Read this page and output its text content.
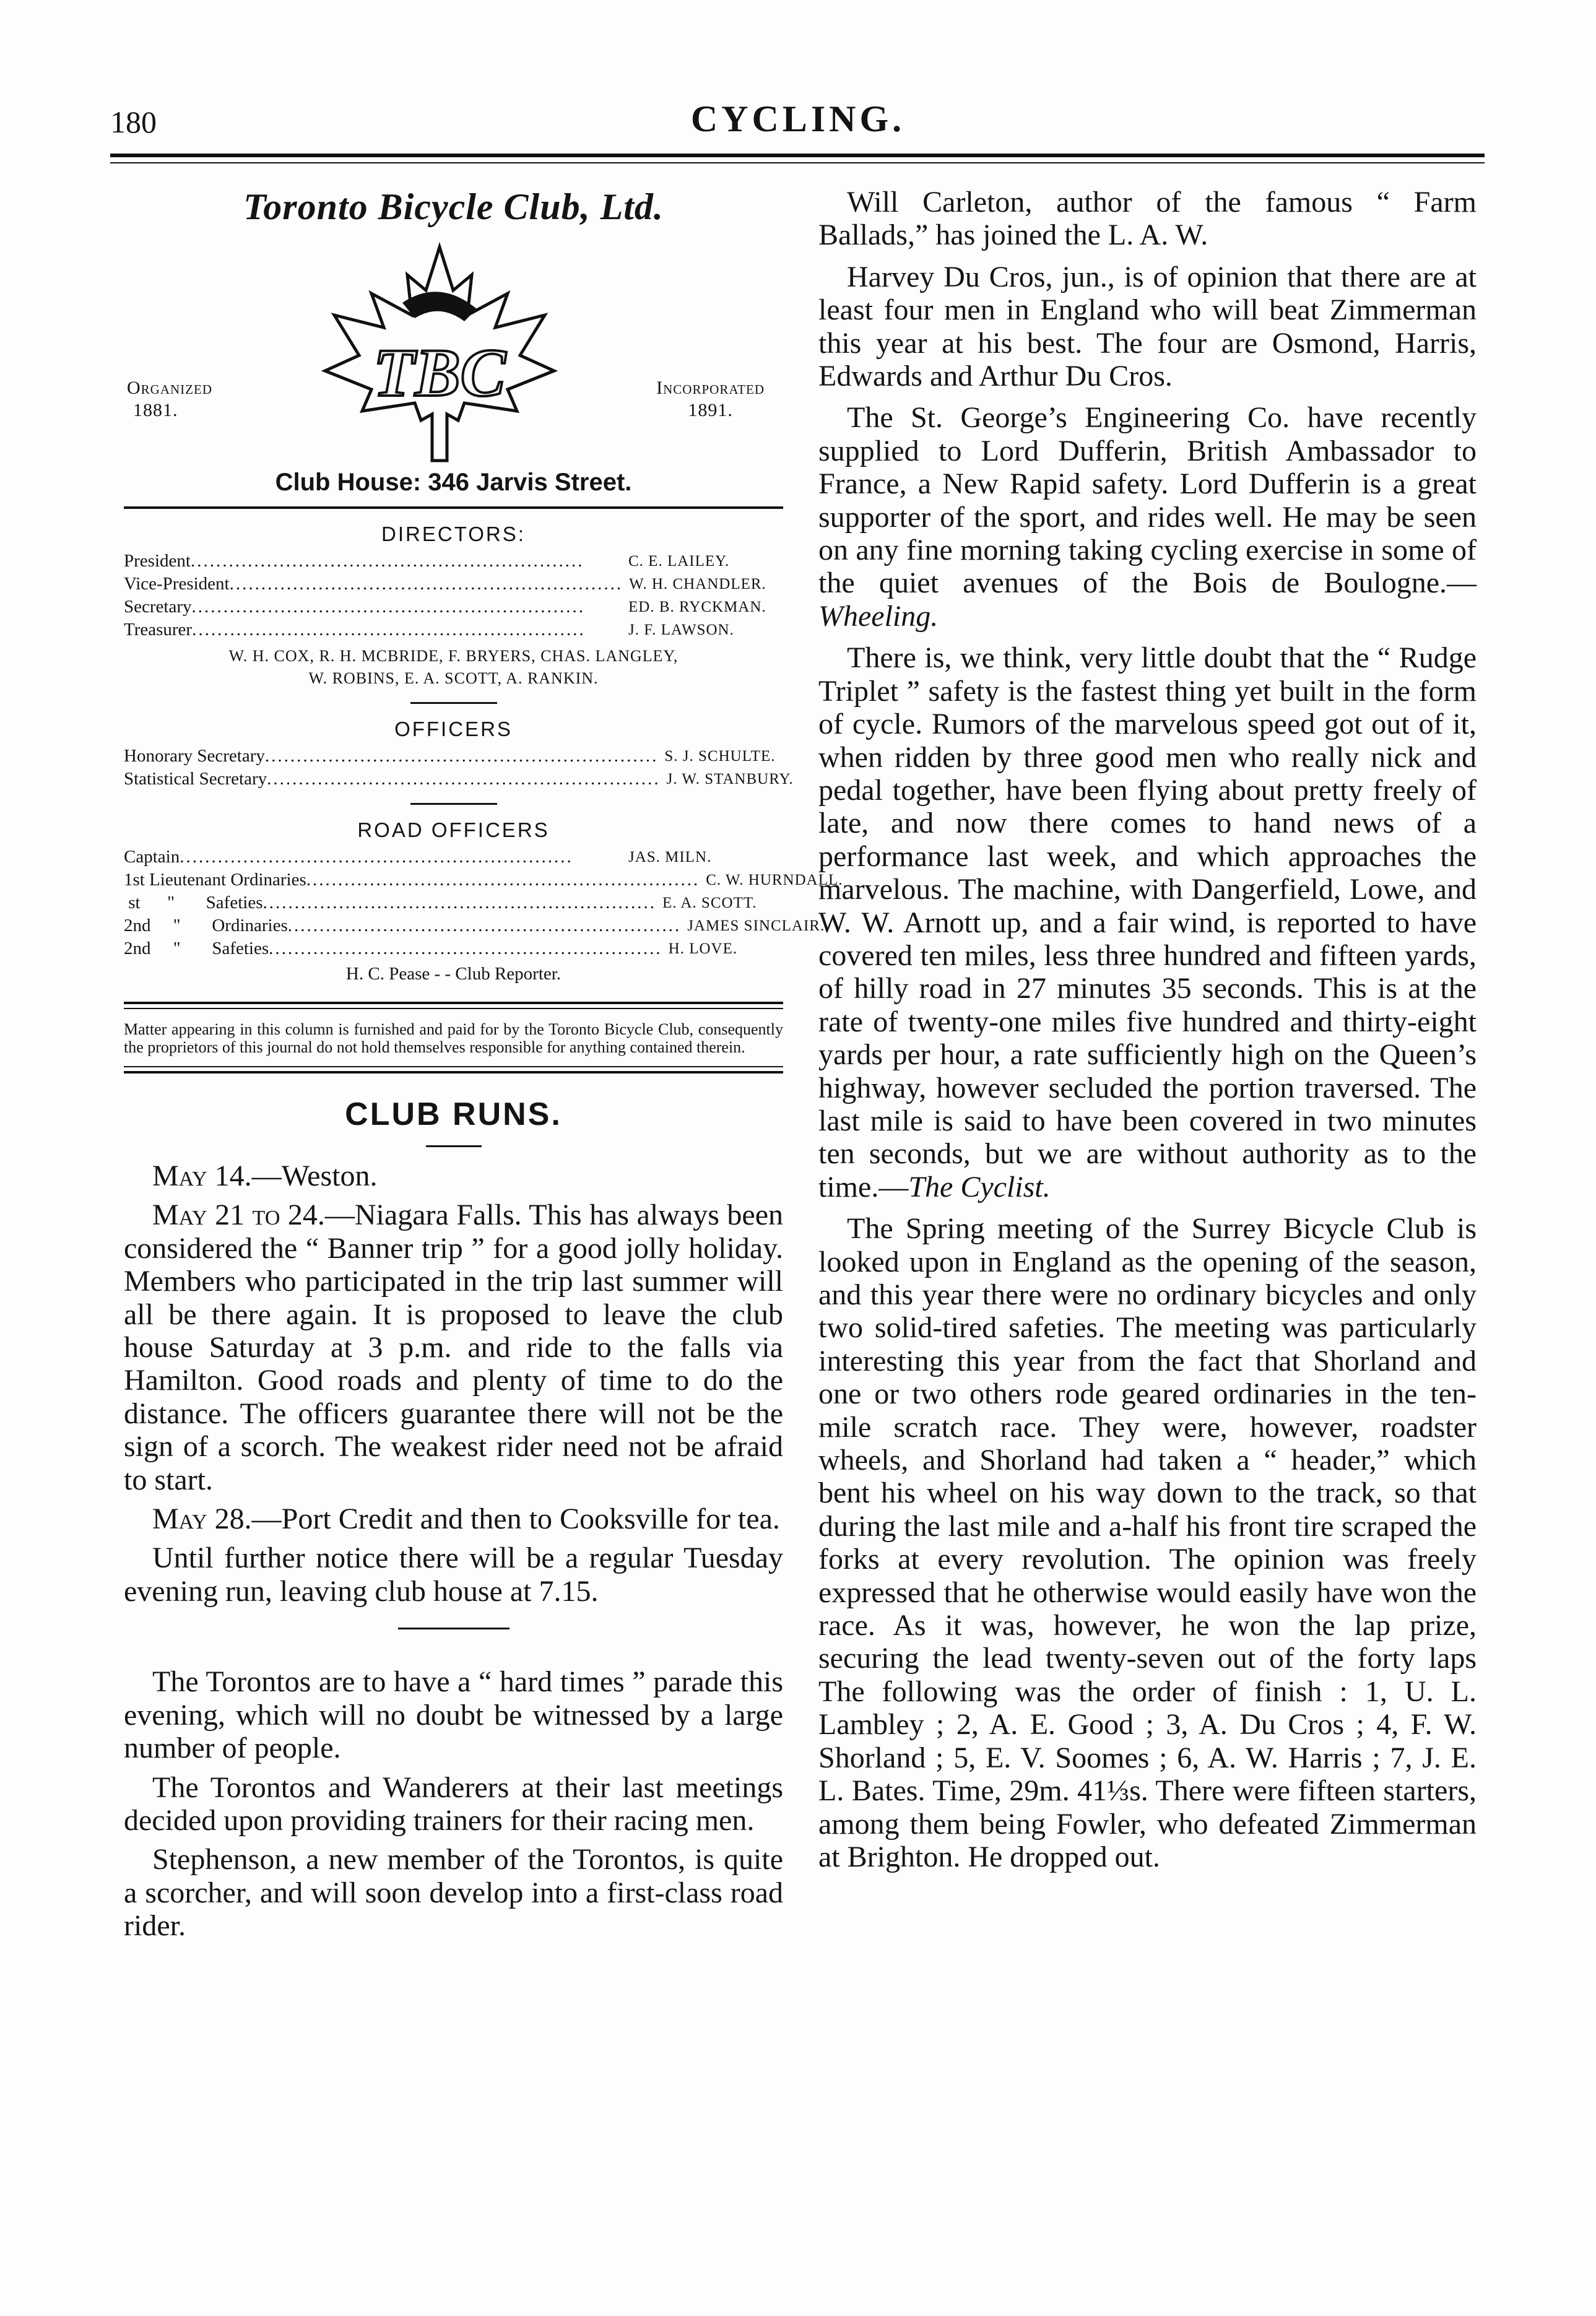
180	CYCLING.
Toronto Bicycle Club, Ltd.
Organized
1881.	TBC	Incorporated
1891.
Club House: 346 Jarvis Street.
DIRECTORS:
President ..............................................................	C. E. LAILEY.
Vice-President .............................................................. W. H. CHANDLER.
Secretary ..............................................................	ED. B. RYCKMAN.
Treasurer ..............................................................	J. F. LAWSON.
W. H. COX, R. H. MCBRIDE, F. BRYERS, CHAS. LANGLEY,
W. ROBINS, E. A. SCOTT, A. RANKIN.
OFFICERS
Honorary Secretary .............................................................. S. J. SCHULTE.
Statistical Secretary .............................................................. J. W. STANBURY.
ROAD OFFICERS
Captain ..............................................................	JAS. MILN.
1st Lieutenant Ordinaries .............................................................. C. W. HURNDALL.
st      "       Safeties .............................................................. E. A. SCOTT.
2nd     "       Ordinaries .............................................................. JAMES SINCLAIR.
2nd     "       Safeties .............................................................. H. LOVE.
H. C. Pease - - Club Reporter.
Matter appearing in this column is furnished and paid for by the Toronto Bicycle Club, consequently the proprietors of this journal do not hold themselves responsible for anything contained therein.
CLUB RUNS.

May 14.—Weston.

May 21 to 24.—Niagara Falls. This has always been considered the “ Banner trip ” for a good jolly holiday. Members who participated in the trip last summer will all be there again. It is proposed to leave the club house Saturday at 3 p.m. and ride to the falls via Hamilton. Good roads and plenty of time to do the distance. The officers guarantee there will not be the sign of a scorch. The weakest rider need not be afraid to start.

May 28.—Port Credit and then to Cooksville for tea.

Until further notice there will be a regular Tuesday evening run, leaving club house at 7.15.

The Torontos are to have a “ hard times ” parade this evening, which will no doubt be witnessed by a large number of people.

The Torontos and Wanderers at their last meetings decided upon providing trainers for their racing men.

Stephenson, a new member of the Torontos, is quite a scorcher, and will soon develop into a first-class road rider.

Will Carleton, author of the famous “ Farm Ballads,” has joined the L. A. W.

Harvey Du Cros, jun., is of opinion that there are at least four men in England who will beat Zimmerman this year at his best. The four are Osmond, Harris, Edwards and Arthur Du Cros.

The St. George’s Engineering Co. have recently supplied to Lord Dufferin, British Ambassador to France, a New Rapid safety. Lord Dufferin is a great supporter of the sport, and rides well. He may be seen on any fine morning taking cycling exercise in some of the quiet avenues of the Bois de Boulogne.—Wheeling.

There is, we think, very little doubt that the “ Rudge Triplet ” safety is the fastest thing yet built in the form of cycle. Rumors of the marvelous speed got out of it, when ridden by three good men who really nick and pedal together, have been flying about pretty freely of late, and now there comes to hand news of a performance last week, and which approaches the marvelous. The machine, with Dangerfield, Lowe, and W. W. Arnott up, and a fair wind, is reported to have covered ten miles, less three hundred and fifteen yards, of hilly road in 27 minutes 35 seconds. This is at the rate of twenty-one miles five hundred and thirty-eight yards per hour, a rate sufficiently high on the Queen’s highway, however secluded the portion traversed. The last mile is said to have been covered in two minutes ten seconds, but we are without authority as to the time.—The Cyclist.

The Spring meeting of the Surrey Bicycle Club is looked upon in England as the opening of the season, and this year there were no ordinary bicycles and only two solid-tired safeties. The meeting was particularly interesting this year from the fact that Shorland and one or two others rode geared ordinaries in the ten-mile scratch race. They were, however, roadster wheels, and Shorland had taken a “ header,” which bent his wheel on his way down to the track, so that during the last mile and a-half his front tire scraped the forks at every revolution. The opinion was freely expressed that he otherwise would easily have won the race. As it was, however, he won the lap prize, securing the lead twenty-seven out of the forty laps The following was the order of finish : 1, U. L. Lambley ; 2, A. E. Good ; 3, A. Du Cros ; 4, F. W. Shorland ; 5, E. V. Soomes ; 6, A. W. Harris ; 7, J. E. L. Bates. Time, 29m. 41⅓s. There were fifteen starters, among them being Fowler, who defeated Zimmerman at Brighton. He dropped out.
